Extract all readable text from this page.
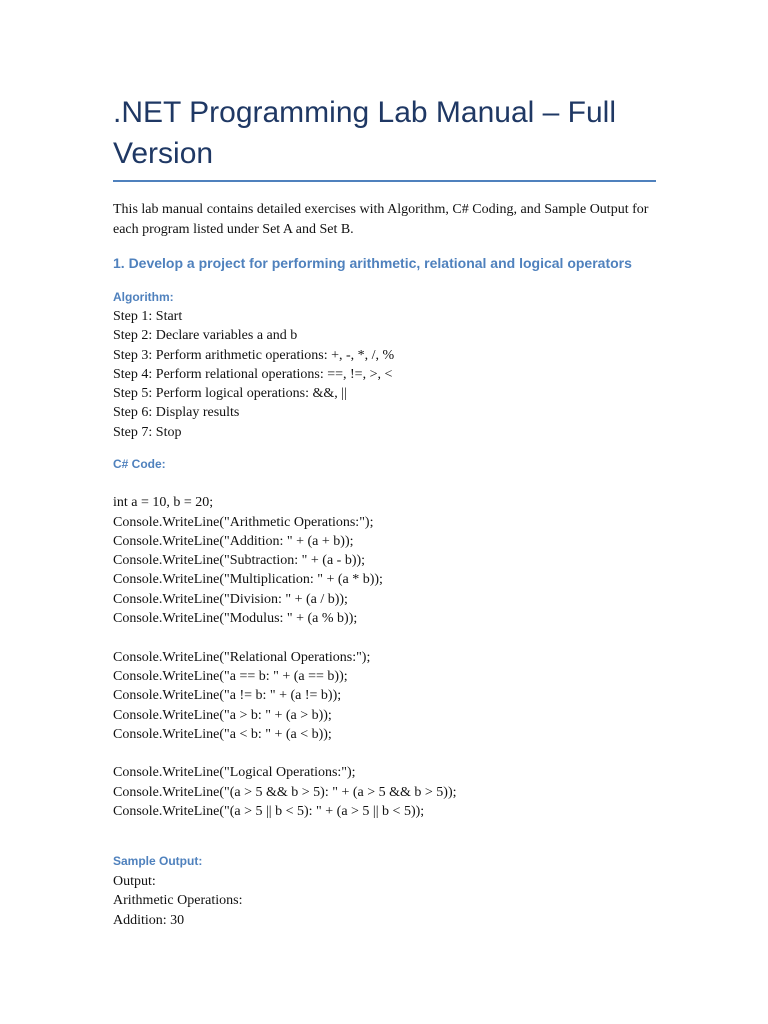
.NET Programming Lab Manual – Full Version

This lab manual contains detailed exercises with Algorithm, C# Coding, and Sample Output for each program listed under Set A and Set B.

1. Develop a project for performing arithmetic, relational and logical operators
Algorithm:
Step 1: Start
Step 2: Declare variables a and b
Step 3: Perform arithmetic operations: +, -, *, /, %
Step 4: Perform relational operations: ==, !=, >, <
Step 5: Perform logical operations: &&, ||
Step 6: Display results
Step 7: Stop
C# Code:
int a = 10, b = 20;
Console.WriteLine("Arithmetic Operations:");
Console.WriteLine("Addition: " + (a + b));
Console.WriteLine("Subtraction: " + (a - b));
Console.WriteLine("Multiplication: " + (a * b));
Console.WriteLine("Division: " + (a / b));
Console.WriteLine("Modulus: " + (a % b));
Console.WriteLine("Relational Operations:");
Console.WriteLine("a == b: " + (a == b));
Console.WriteLine("a != b: " + (a != b));
Console.WriteLine("a > b: " + (a > b));
Console.WriteLine("a < b: " + (a < b));
Console.WriteLine("Logical Operations:");
Console.WriteLine("(a > 5 && b > 5): " + (a > 5 && b > 5));
Console.WriteLine("(a > 5 || b < 5): " + (a > 5 || b < 5));
Sample Output:
Output:
Arithmetic Operations:
Addition: 30
